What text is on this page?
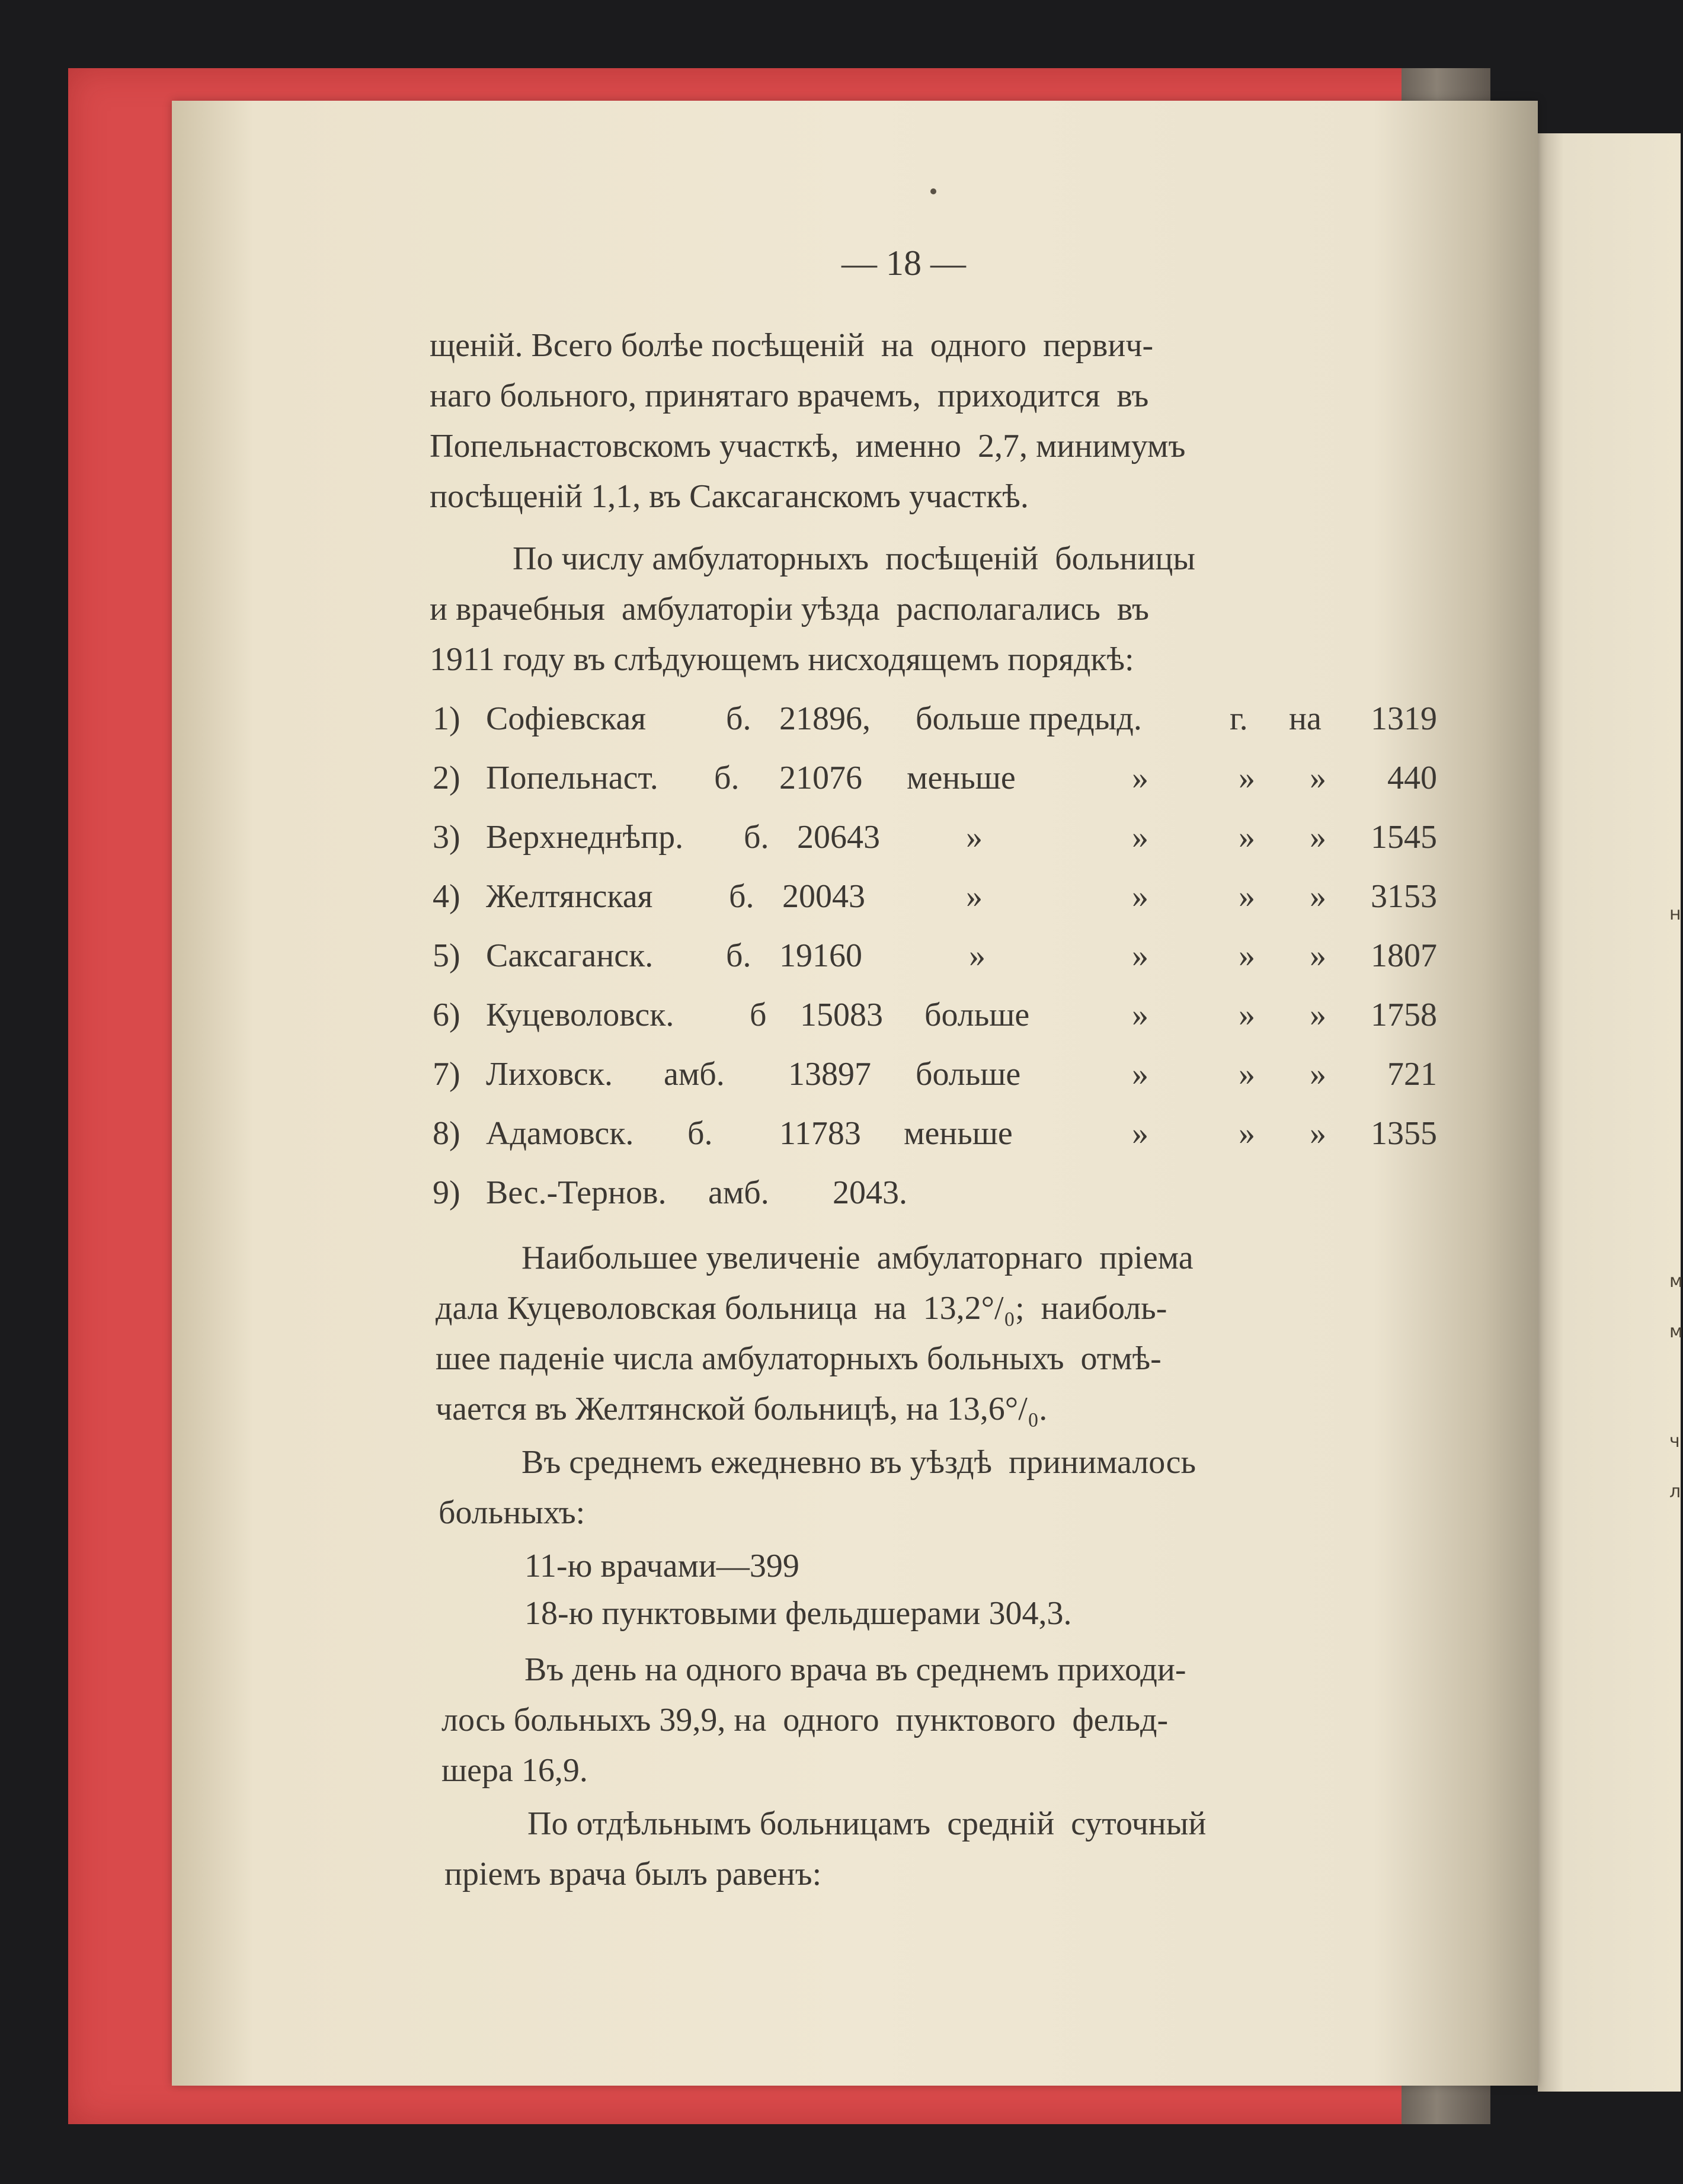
н
м
м
ч
л
— 18 —
щеній. Всего болѣе посѣщеній  на  одного  первич-
наго больного, принятаго врачемъ,  приходится  въ
Попельнастовскомъ участкѣ,  именно  2,7, минимумъ
посѣщеній 1,1, въ Саксаганскомъ участкѣ.
По числу амбулаторныхъ  посѣщеній  больницы
и врачебныя  амбулаторіи уѣзда  располагались  въ
1911 году въ слѣдующемъ нисходящемъ порядкѣ:
1) Софіевская б. 21896, больше предыд.	г. на	1319
2) Попельнаст. б. 21076 меньше	»	» »	440
3) Верхнеднѣпр. б. 20643	»	»	» »	1545
4) Желтянская б. 20043	»	»	» »	3153
5) Саксаганск. б. 19160	»	»	» »	1807
6) Куцеволовск. б 15083 больше	»	» »	1758
7) Лиховск. амб. 13897 больше	»	» »	721
8) Адамовск. б. 11783 меньше	»	» »	1355
9) Вес.-Тернов. амб. 2043.
Наибольшее увеличеніе  амбулаторнаго  пріема
дала Куцеволовская больница  на  13,2°/₀;  наиболь-
шее паденіе числа амбулаторныхъ больныхъ  отмѣ-
чается въ Желтянской больницѣ, на 13,6°/₀.
Въ среднемъ ежедневно въ уѣздѣ  принималось
больныхъ:
11-ю врачами—399
18-ю пунктовыми фельдшерами 304,3.
Въ день на одного врача въ среднемъ приходи-
лось больныхъ 39,9, на  одного  пунктового  фельд-
шера 16,9.
По отдѣльнымъ больницамъ  средній  суточный
пріемъ врача былъ равенъ:
